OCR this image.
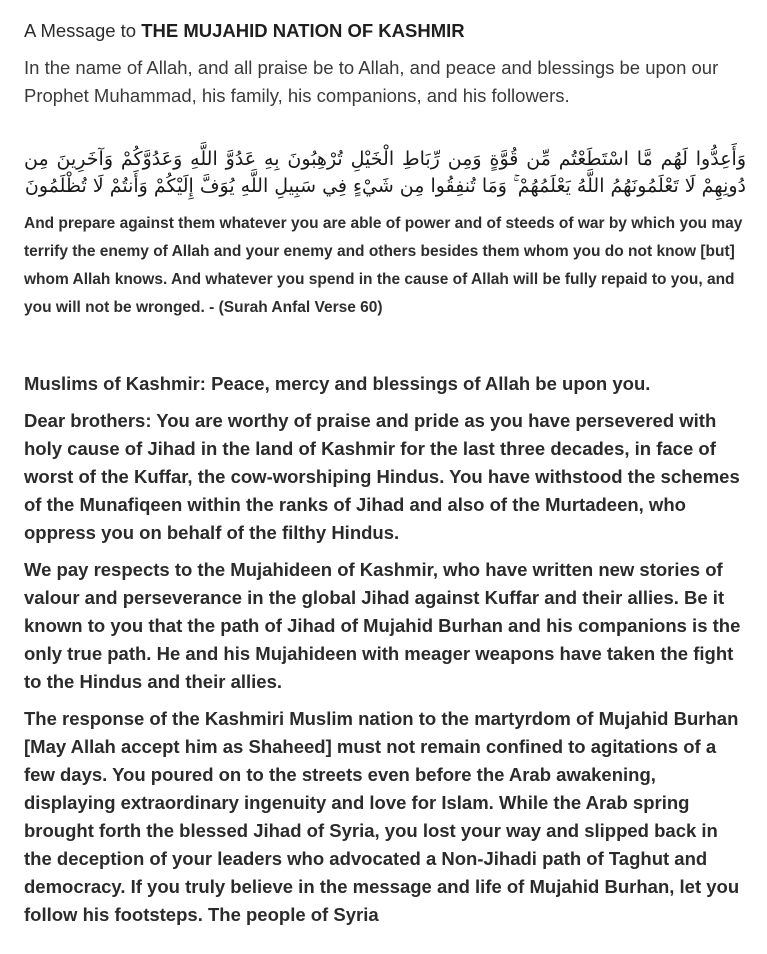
A Message to THE MUJAHID NATION OF KASHMIR

In the name of Allah, and all praise be to Allah, and peace and blessings be upon our Prophet Muhammad, his family, his companions, and his followers.

وَأَعِدُّوا لَهُم مَّا اسْتَطَعْتُم مِّن قُوَّةٍ وَمِن رِّبَاطِ الْخَيْلِ تُرْهِبُونَ بِهِ عَدُوَّ اللَّهِ وَعَدُوَّكُمْ وَآخَرِينَ مِن دُونِهِمْ لَا تَعْلَمُونَهُمُ اللَّهُ يَعْلَمُهُمْ ۚ وَمَا تُنفِقُوا مِن شَيْءٍ فِي سَبِيلِ اللَّهِ يُوَفَّ إِلَيْكُمْ وَأَنتُمْ لَا تُظْلَمُونَ

And prepare against them whatever you are able of power and of steeds of war by which you may terrify the enemy of Allah and your enemy and others besides them whom you do not know [but] whom Allah knows. And whatever you spend in the cause of Allah will be fully repaid to you, and you will not be wronged. - (Surah Anfal Verse 60)

Muslims of Kashmir: Peace, mercy and blessings of Allah be upon you.

Dear brothers: You are worthy of praise and pride as you have persevered with holy cause of Jihad in the land of Kashmir for the last three decades, in face of worst of the Kuffar, the cow-worshiping Hindus. You have withstood the schemes of the Munafiqeen within the ranks of Jihad and also of the Murtadeen, who oppress you on behalf of the filthy Hindus.

We pay respects to the Mujahideen of Kashmir, who have written new stories of valour and perseverance in the global Jihad against Kuffar and their allies. Be it known to you that the path of Jihad of Mujahid Burhan and his companions is the only true path. He and his Mujahideen with meager weapons have taken the fight to the Hindus and their allies.

The response of the Kashmiri Muslim nation to the martyrdom of Mujahid Burhan [May Allah accept him as Shaheed] must not remain confined to agitations of a few days. You poured on to the streets even before the Arab awakening, displaying extraordinary ingenuity and love for Islam. While the Arab spring brought forth the blessed Jihad of Syria, you lost your way and slipped back in the deception of your leaders who advocated a Non-Jihadi path of Taghut and democracy. If you truly believe in the message and life of Mujahid Burhan, let you follow his footsteps. The people of Syria
